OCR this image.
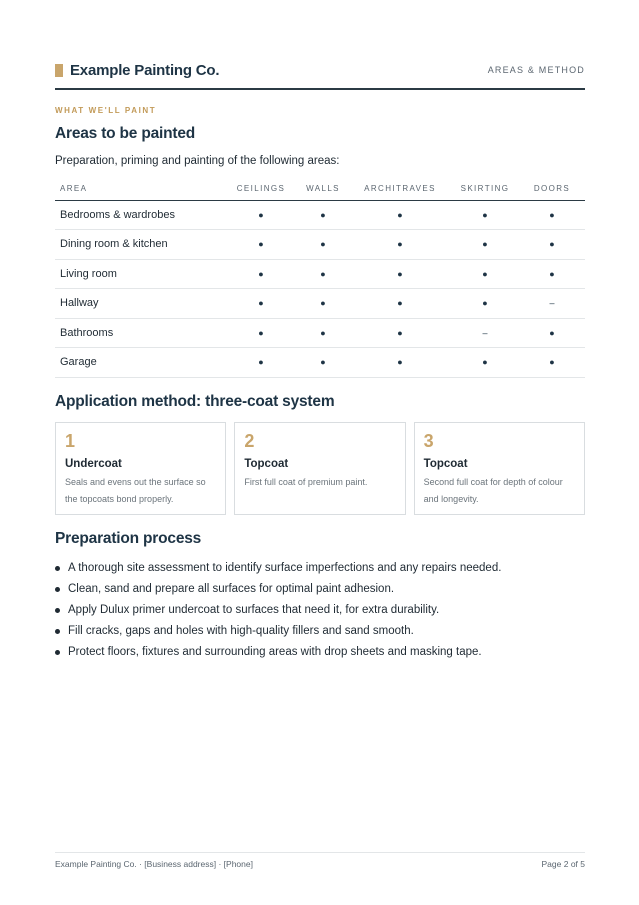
Example Painting Co.	AREAS & METHOD
WHAT WE'LL PAINT
Areas to be painted
Preparation, priming and painting of the following areas:
AREA	CEILINGS	WALLS	ARCHITRAVES	SKIRTING	DOORS
Bedrooms & wardrobes	●	●	●	●	●
Dining room & kitchen	●	●	●	●	●
Living room	●	●	●	●	●
Hallway	●	●	●	●	–
Bathrooms	●	●	●	–	●
Garage	●	●	●	●	●
Application method: three-coat system
1
Undercoat
Seals and evens out the surface so the topcoats bond properly.
2
Topcoat
First full coat of premium paint.
3
Topcoat
Second full coat for depth of colour and longevity.
Preparation process
A thorough site assessment to identify surface imperfections and any repairs needed.
Clean, sand and prepare all surfaces for optimal paint adhesion.
Apply Dulux primer undercoat to surfaces that need it, for extra durability.
Fill cracks, gaps and holes with high-quality fillers and sand smooth.
Protect floors, fixtures and surrounding areas with drop sheets and masking tape.
Example Painting Co. · [Business address] · [Phone]	Page 2 of 5
